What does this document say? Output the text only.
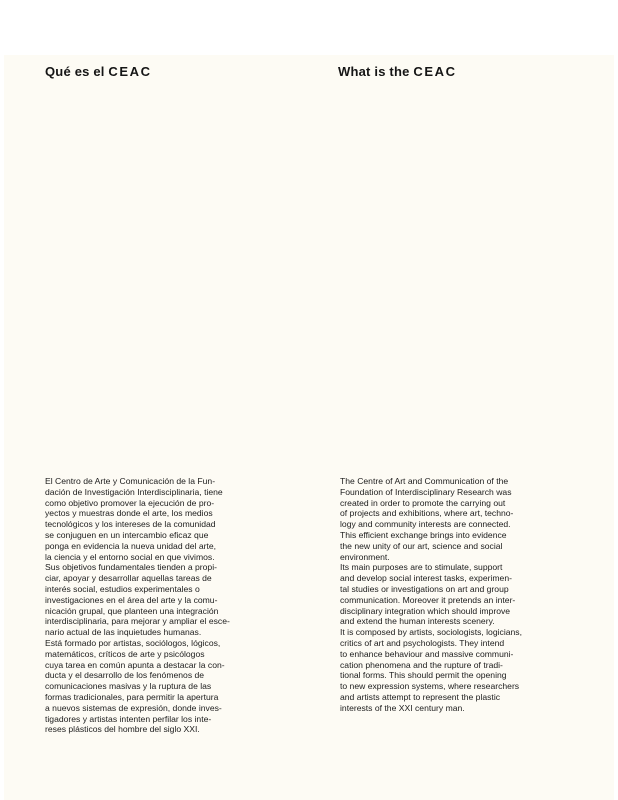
Qué es el CEAC	What is the CEAC
El Centro de Arte y Comunicación de la Fun-
dación de Investigación Interdisciplinaria, tiene
como objetivo promover la ejecución de pro-
yectos y muestras donde el arte, los medios
tecnológicos y los intereses de la comunidad
se conjuguen en un intercambio eficaz que
ponga en evidencia la nueva unidad del arte,
la ciencia y el entorno social en que vivimos.
Sus objetivos fundamentales tienden a propi-
ciar, apoyar y desarrollar aquellas tareas de
interés social, estudios experimentales o
investigaciones en el área del arte y la comu-
nicación grupal, que planteen una integración
interdisciplinaria, para mejorar y ampliar el esce-
nario actual de las inquietudes humanas.
Está formado por artistas, sociólogos, lógicos,
matemáticos, críticos de arte y psicólogos
cuya tarea en común apunta a destacar la con-
ducta y el desarrollo de los fenómenos de
comunicaciones masivas y la ruptura de las
formas tradicionales, para permitir la apertura
a nuevos sistemas de expresión, donde inves-
tigadores y artistas intenten perfilar los inte-
reses plásticos del hombre del siglo XXI.
The Centre of Art and Communication of the
Foundation of Interdisciplinary Research was
created in order to promote the carrying out
of projects and exhibitions, where art, techno-
logy and community interests are connected.
This efficient exchange brings into evidence
the new unity of our art, science and social
environment.
Its main purposes are to stimulate, support
and develop social interest tasks, experimen-
tal studies or investigations on art and group
communication. Moreover it pretends an inter-
disciplinary integration which should improve
and extend the human interests scenery.
It is composed by artists, sociologists, logicians,
critics of art and psychologists. They intend
to enhance behaviour and massive communi-
cation phenomena and the rupture of tradi-
tional forms. This should permit the opening
to new expression systems, where researchers
and artists attempt to represent the plastic
interests of the XXI century man.
